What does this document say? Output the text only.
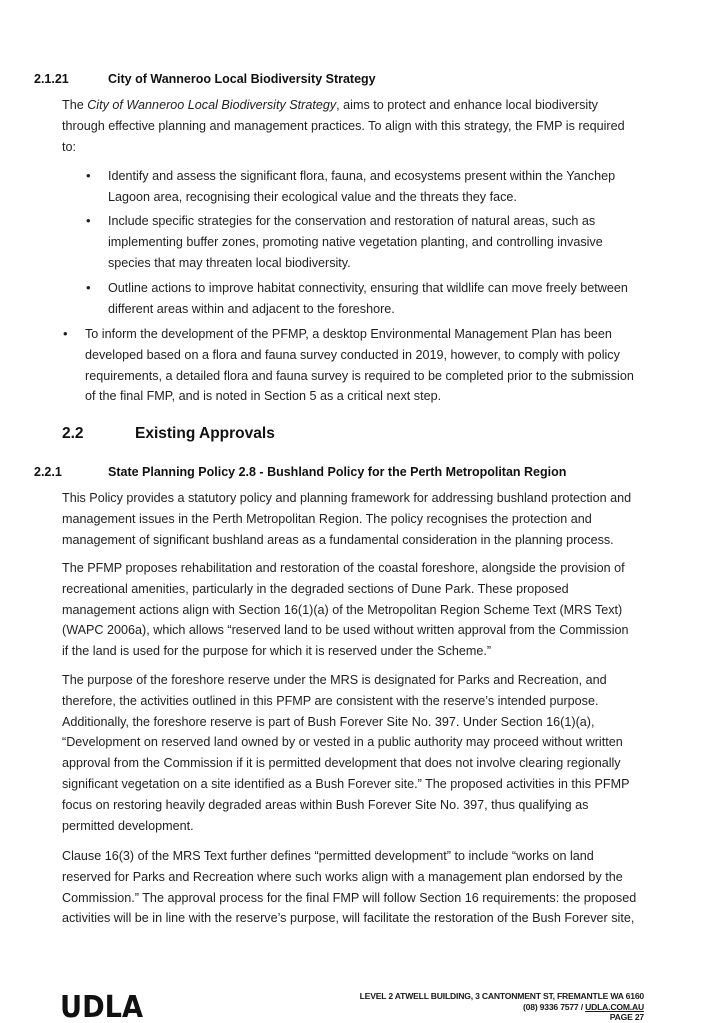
2.1.21	City of Wanneroo Local Biodiversity Strategy
The City of Wanneroo Local Biodiversity Strategy, aims to protect and enhance local biodiversity
through effective planning and management practices. To align with this strategy, the FMP is required
to:
• Identify and assess the significant flora, fauna, and ecosystems present within the Yanchep
Lagoon area, recognising their ecological value and the threats they face.
• Include specific strategies for the conservation and restoration of natural areas, such as
implementing buffer zones, promoting native vegetation planting, and controlling invasive
species that may threaten local biodiversity.
• Outline actions to improve habitat connectivity, ensuring that wildlife can move freely between
different areas within and adjacent to the foreshore.
• To inform the development of the PFMP, a desktop Environmental Management Plan has been
developed based on a flora and fauna survey conducted in 2019, however, to comply with policy
requirements, a detailed flora and fauna survey is required to be completed prior to the submission
of the final FMP, and is noted in Section 5 as a critical next step.
2.2	Existing Approvals
2.2.1	State Planning Policy 2.8 - Bushland Policy for the Perth Metropolitan Region
This Policy provides a statutory policy and planning framework for addressing bushland protection and
management issues in the Perth Metropolitan Region. The policy recognises the protection and
management of significant bushland areas as a fundamental consideration in the planning process.
The PFMP proposes rehabilitation and restoration of the coastal foreshore, alongside the provision of
recreational amenities, particularly in the degraded sections of Dune Park. These proposed
management actions align with Section 16(1)(a) of the Metropolitan Region Scheme Text (MRS Text)
(WAPC 2006a), which allows “reserved land to be used without written approval from the Commission
if the land is used for the purpose for which it is reserved under the Scheme.”
The purpose of the foreshore reserve under the MRS is designated for Parks and Recreation, and
therefore, the activities outlined in this PFMP are consistent with the reserve’s intended purpose.
Additionally, the foreshore reserve is part of Bush Forever Site No. 397. Under Section 16(1)(a),
“Development on reserved land owned by or vested in a public authority may proceed without written
approval from the Commission if it is permitted development that does not involve clearing regionally
significant vegetation on a site identified as a Bush Forever site.” The proposed activities in this PFMP
focus on restoring heavily degraded areas within Bush Forever Site No. 397, thus qualifying as
permitted development.
Clause 16(3) of the MRS Text further defines “permitted development” to include “works on land
reserved for Parks and Recreation where such works align with a management plan endorsed by the
Commission.” The approval process for the final FMP will follow Section 16 requirements: the proposed
activities will be in line with the reserve’s purpose, will facilitate the restoration of the Bush Forever site,
UDLA	LEVEL 2 ATWELL BUILDING, 3 CANTONMENT ST, FREMANTLE WA 6160
(08) 9336 7577 / UDLA.COM.AU
PAGE 27
